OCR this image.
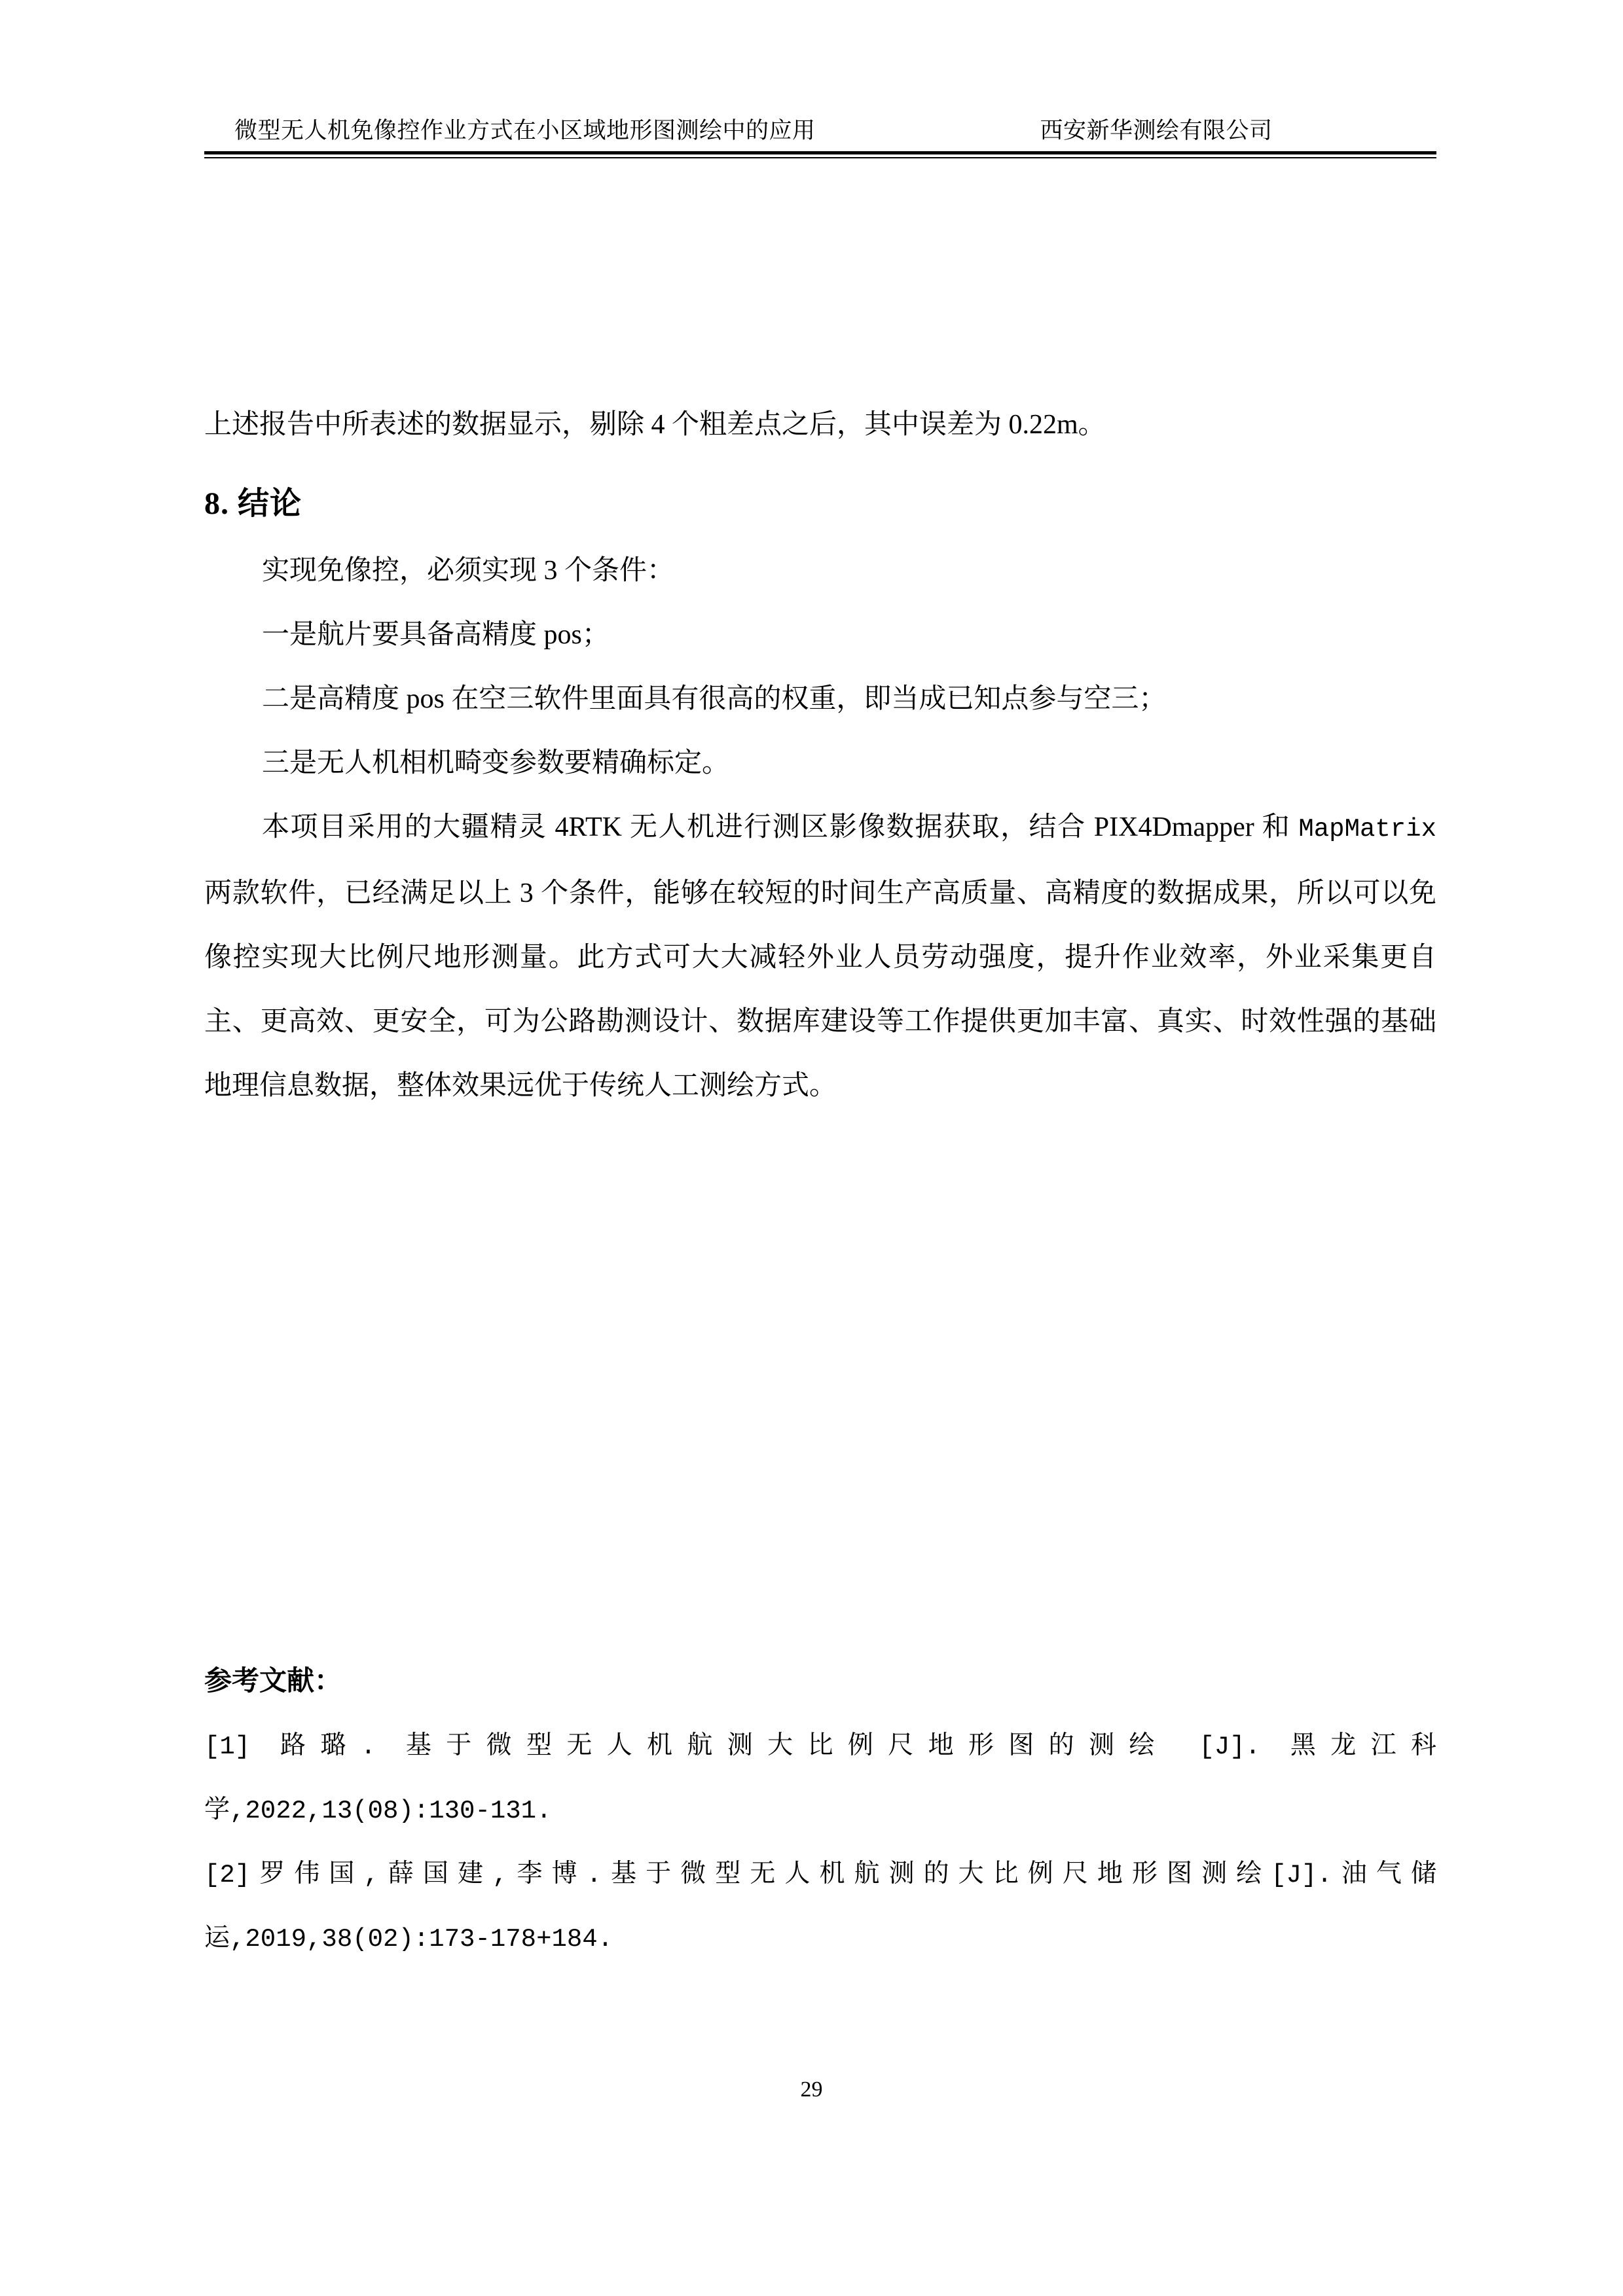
微型无人机免像控作业方式在小区域地形图测绘中的应用	西安新华测绘有限公司

上述报告中所表述的数据显示，剔除 4 个粗差点之后，其中误差为 0.22m。

8. 结论

实现免像控，必须实现 3 个条件：

一是航片要具备高精度 pos；

二是高精度 pos 在空三软件里面具有很高的权重，即当成已知点参与空三；

三是无人机相机畸变参数要精确标定。

本项目采用的大疆精灵 4RTK 无人机进行测区影像数据获取，结合 PIX4Dmapper 和 MapMatrix 两款软件，已经满足以上 3 个条件，能够在较短的时间生产高质量、高精度的数据成果，所以可以免像控实现大比例尺地形测量。此方式可大大减轻外业人员劳动强度，提升作业效率，外业采集更自主、更高效、更安全，可为公路勘测设计、数据库建设等工作提供更加丰富、真实、时效性强的基础地理信息数据，整体效果远优于传统人工测绘方式。

参考文献：
[1] 路璐. 基于微型无人机航测大比例尺地形图的测绘 [J]. 黑龙江科
学,2022,13(08):130-131.
[2]罗伟国,薛国建,李博.基于微型无人机航测的大比例尺地形图测绘[J].油气储
运,2019,38(02):173-178+184.
29
